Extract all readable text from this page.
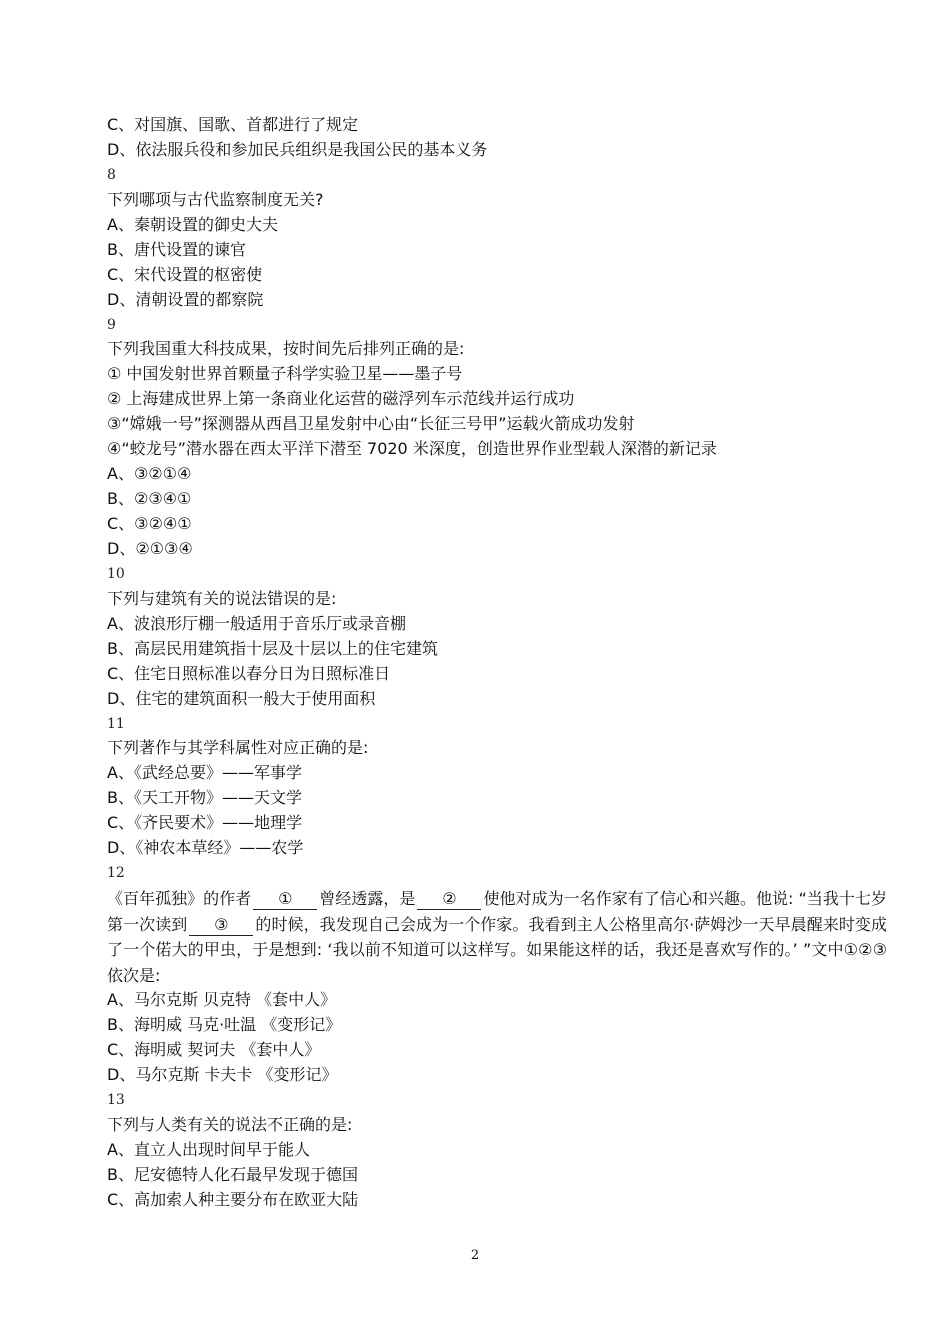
C、对国旗、国歌、首都进行了规定
D、依法服兵役和参加民兵组织是我国公民的基本义务
8
下列哪项与古代监察制度无关?
A、秦朝设置的御史大夫
B、唐代设置的谏官
C、宋代设置的枢密使
D、清朝设置的都察院
9
下列我国重大科技成果，按时间先后排列正确的是:
① 中国发射世界首颗量子科学实验卫星——墨子号
② 上海建成世界上第一条商业化运营的磁浮列车示范线并运行成功
③“嫦娥一号”探测器从西昌卫星发射中心由“长征三号甲”运载火箭成功发射
④“蛟龙号”潜水器在西太平洋下潜至 7020 米深度，创造世界作业型载人深潜的新记录
A、③②①④
B、②③④①
C、③②④①
D、②①③④
10
下列与建筑有关的说法错误的是:
A、波浪形厅棚一般适用于音乐厅或录音棚
B、高层民用建筑指十层及十层以上的住宅建筑
C、住宅日照标准以春分日为日照标准日
D、住宅的建筑面积一般大于使用面积
11
下列著作与其学科属性对应正确的是:
A、《武经总要》——军事学
B、《天工开物》——天文学
C、《齐民要术》——地理学
D、《神农本草经》——农学
12
《百年孤独》的作者 ① 曾经透露，是 ② 使他对成为一名作家有了信心和兴趣。他说: “当我十七岁第一次读到 ③ 的时候，我发现自己会成为一个作家。我看到主人公格里高尔·萨姆沙一天早晨醒来时变成了一个偌大的甲虫，于是想到: ‘我以前不知道可以这样写。如果能这样的话，我还是喜欢写作的。’ ”文中①②③依次是:
A、马尔克斯 贝克特 《套中人》
B、海明威 马克·吐温 《变形记》
C、海明威 契诃夫 《套中人》
D、马尔克斯 卡夫卡 《变形记》
13
下列与人类有关的说法不正确的是:
A、直立人出现时间早于能人
B、尼安德特人化石最早发现于德国
C、高加索人种主要分布在欧亚大陆
2
